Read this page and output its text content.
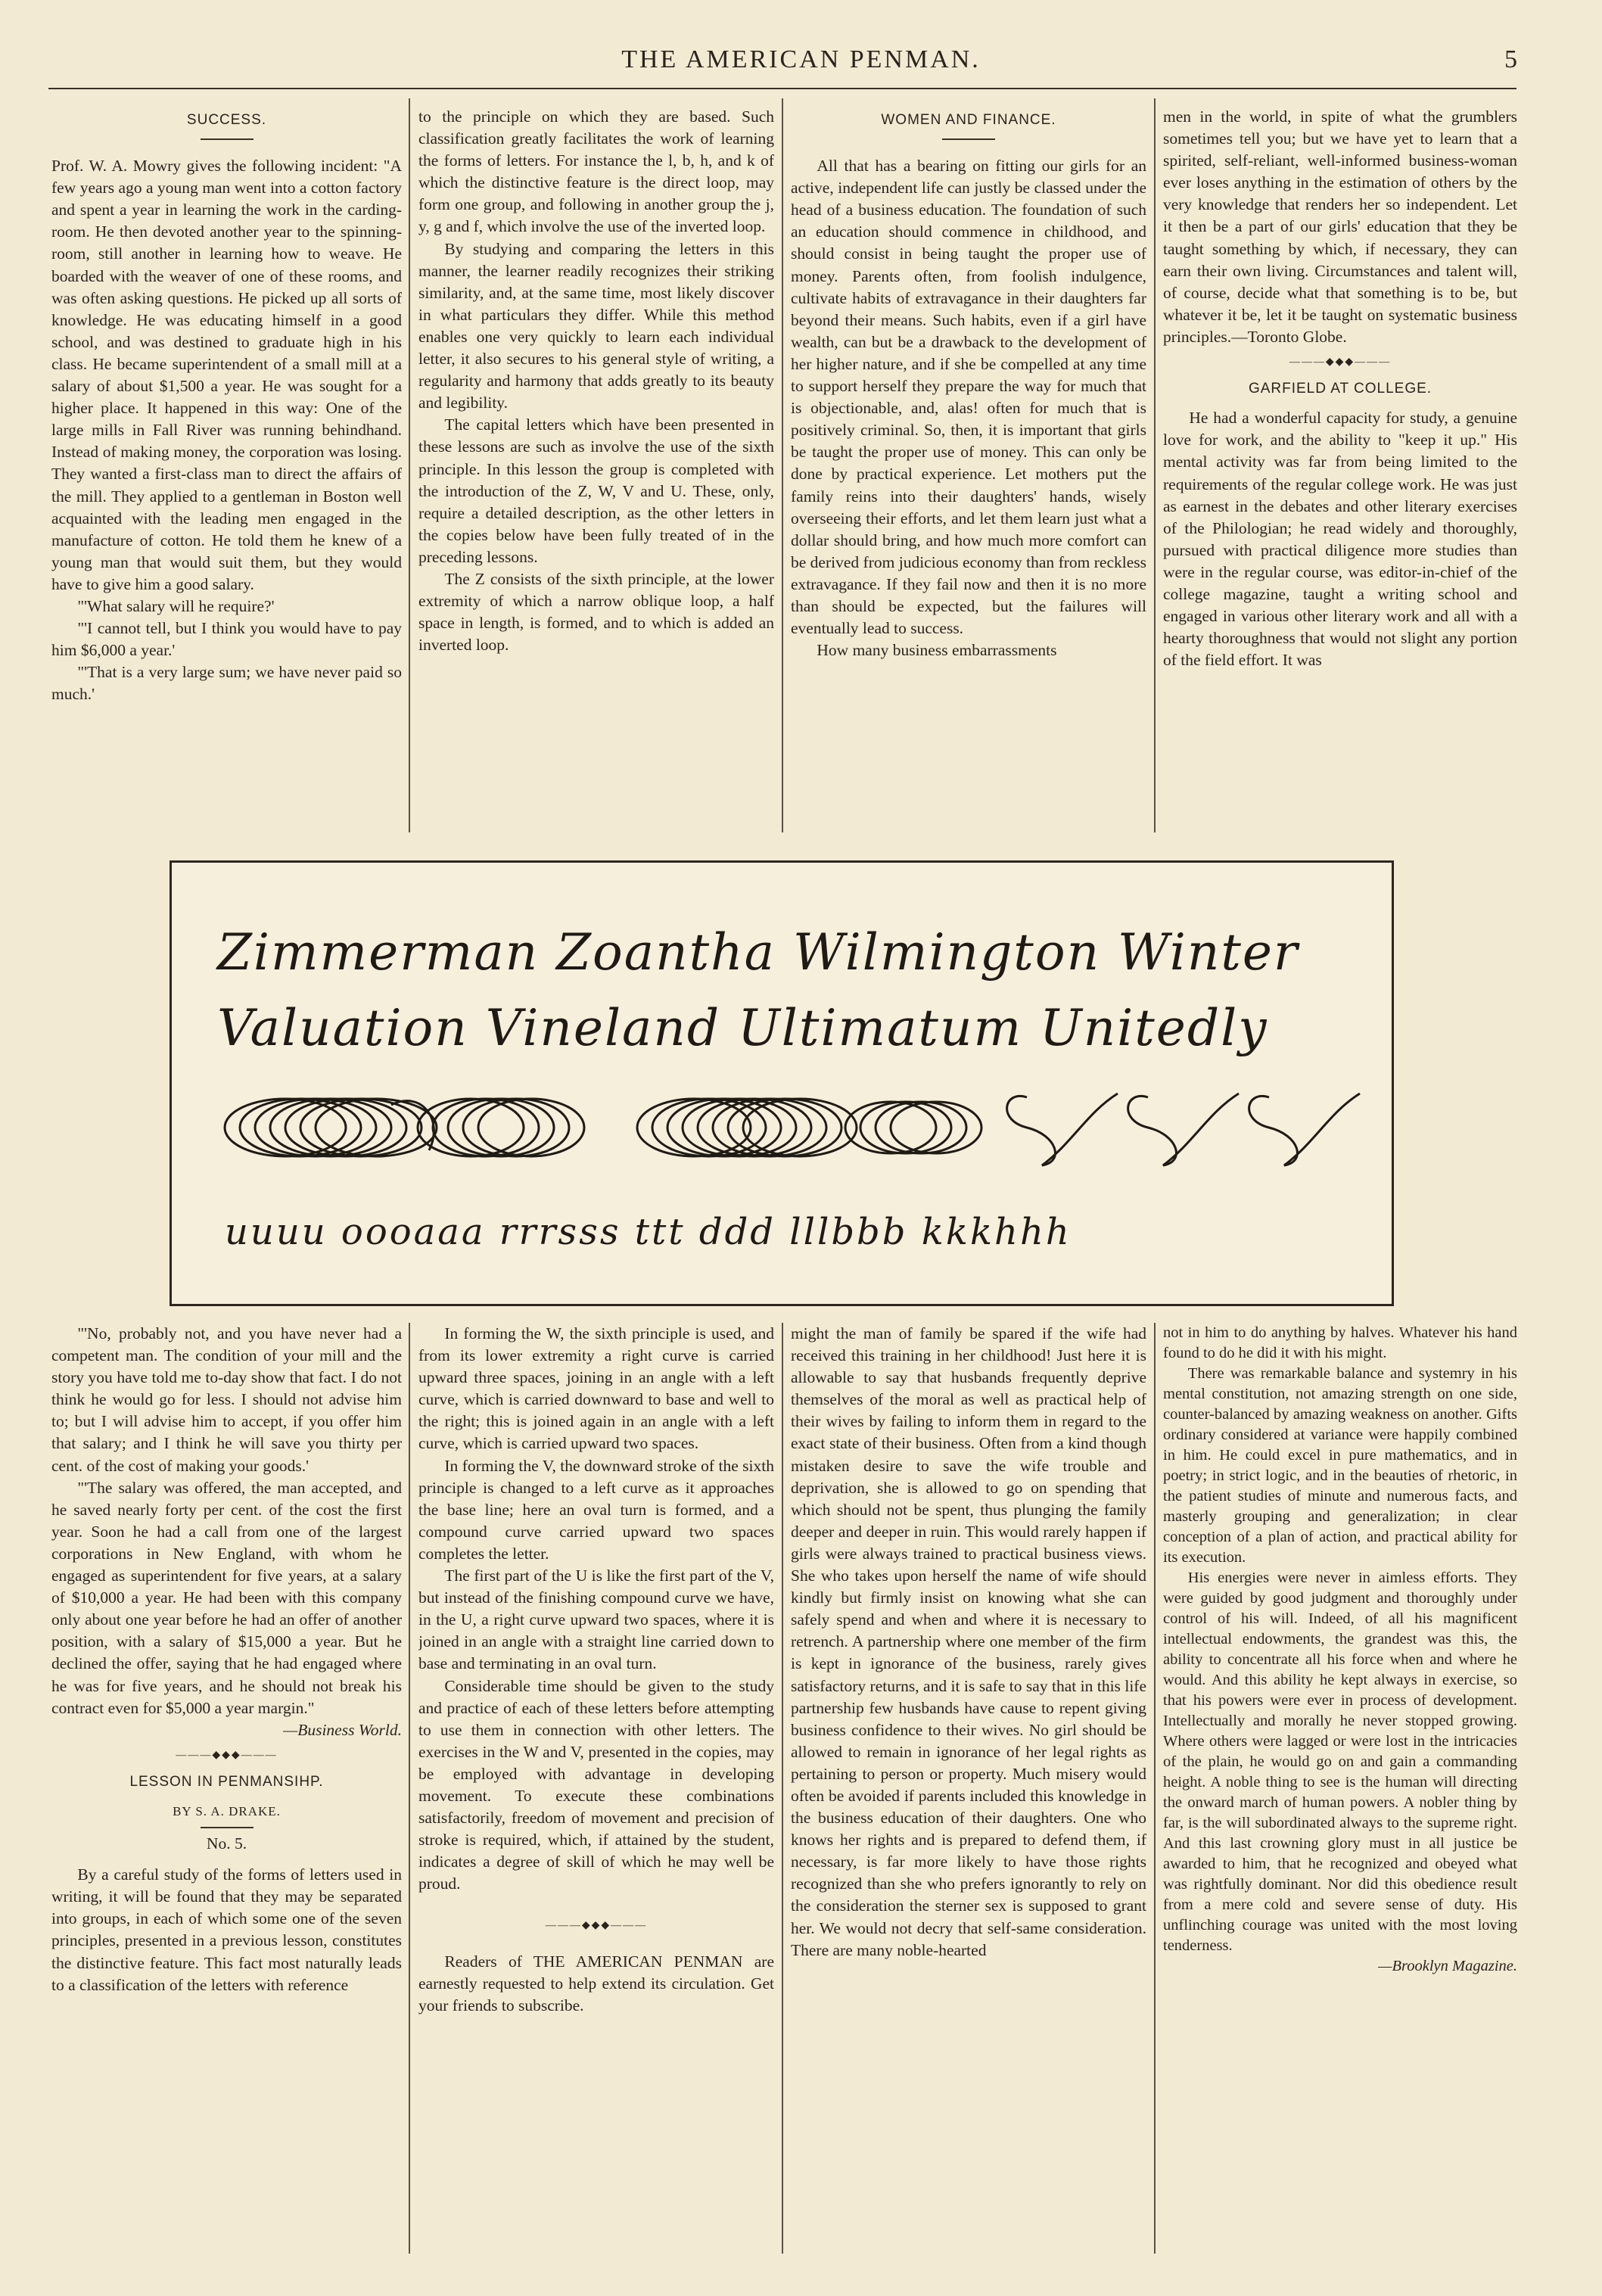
THE AMERICAN PENMAN.	5
SUCCESS.

Prof. W. A. Mowry gives the following incident: "A few years ago a young man went into a cotton factory and spent a year in learning the work in the carding-room. He then devoted another year to the spinning-room, still another in learning how to weave. He boarded with the weaver of one of these rooms, and was often asking questions. He picked up all sorts of knowledge. He was educating himself in a good school, and was destined to graduate high in his class. He became superintendent of a small mill at a salary of about $1,500 a year. He was sought for a higher place. It happened in this way: One of the large mills in Fall River was running behindhand. Instead of making money, the corporation was losing. They wanted a first-class man to direct the affairs of the mill. They applied to a gentleman in Boston well acquainted with the leading men engaged in the manufacture of cotton. He told them he knew of a young man that would suit them, but they would have to give him a good salary.

"'What salary will he require?'

"'I cannot tell, but I think you would have to pay him $6,000 a year.'

"'That is a very large sum; we have never paid so much.'

to the principle on which they are based. Such classification greatly facilitates the work of learning the forms of letters. For instance the l, b, h, and k of which the distinctive feature is the direct loop, may form one group, and following in another group the j, y, g and f, which involve the use of the inverted loop.

By studying and comparing the letters in this manner, the learner readily recognizes their striking similarity, and, at the same time, most likely discover in what particulars they differ. While this method enables one very quickly to learn each individual letter, it also secures to his general style of writing, a regularity and harmony that adds greatly to its beauty and legibility.

The capital letters which have been presented in these lessons are such as involve the use of the sixth principle. In this lesson the group is completed with the introduction of the Z, W, V and U. These, only, require a detailed description, as the other letters in the copies below have been fully treated of in the preceding lessons.

The Z consists of the sixth principle, at the lower extremity of which a narrow oblique loop, a half space in length, is formed, and to which is added an inverted loop.

WOMEN AND FINANCE.

All that has a bearing on fitting our girls for an active, independent life can justly be classed under the head of a business education. The foundation of such an education should commence in childhood, and should consist in being taught the proper use of money. Parents often, from foolish indulgence, cultivate habits of extravagance in their daughters far beyond their means. Such habits, even if a girl have wealth, can but be a drawback to the development of her higher nature, and if she be compelled at any time to support herself they prepare the way for much that is objectionable, and, alas! often for much that is positively criminal. So, then, it is important that girls be taught the proper use of money. This can only be done by practical experience. Let mothers put the family reins into their daughters' hands, wisely overseeing their efforts, and let them learn just what a dollar should bring, and how much more comfort can be derived from judicious economy than from reckless extravagance. If they fail now and then it is no more than should be expected, but the failures will eventually lead to success.

How many business embarrassments

men in the world, in spite of what the grumblers sometimes tell you; but we have yet to learn that a spirited, self-reliant, well-informed business-woman ever loses anything in the estimation of others by the very knowledge that renders her so independent. Let it then be a part of our girls' education that they be taught something by which, if necessary, they can earn their own living. Circumstances and talent will, of course, decide what that something is to be, but whatever it be, let it be taught on systematic business principles.—Toronto Globe.

———◆◆◆———
GARFIELD AT COLLEGE.

He had a wonderful capacity for study, a genuine love for work, and the ability to "keep it up." His mental activity was far from being limited to the requirements of the regular college work. He was just as earnest in the debates and other literary exercises of the Philologian; he read widely and thoroughly, pursued with practical diligence more studies than were in the regular course, was editor-in-chief of the college magazine, taught a writing school and engaged in various other literary work and all with a hearty thoroughness that would not slight any portion of the field effort. It was

Zimmerman Zoantha Wilmington Winter
Valuation Vineland Ultimatum Unitedly
uuuu oooaaa rrrsss ttt ddd lllbbb kkkhhh

"'No, probably not, and you have never had a competent man. The condition of your mill and the story you have told me to-day show that fact. I do not think he would go for less. I should not advise him to; but I will advise him to accept, if you offer him that salary; and I think he will save you thirty per cent. of the cost of making your goods.'

"'The salary was offered, the man accepted, and he saved nearly forty per cent. of the cost the first year. Soon he had a call from one of the largest corporations in New England, with whom he engaged as superintendent for five years, at a salary of $10,000 a year. He had been with this company only about one year before he had an offer of another position, with a salary of $15,000 a year. But he declined the offer, saying that he had engaged where he was for five years, and he should not break his contract even for $5,000 a year margin."

—Business World.

———◆◆◆———
LESSON IN PENMANSIHP.
BY S. A. DRAKE.
No. 5.

By a careful study of the forms of letters used in writing, it will be found that they may be separated into groups, in each of which some one of the seven principles, presented in a previous lesson, constitutes the distinctive feature. This fact most naturally leads to a classification of the letters with reference

In forming the W, the sixth principle is used, and from its lower extremity a right curve is carried upward three spaces, joining in an angle with a left curve, which is carried downward to base and well to the right; this is joined again in an angle with a left curve, which is carried upward two spaces.

In forming the V, the downward stroke of the sixth principle is changed to a left curve as it approaches the base line; here an oval turn is formed, and a compound curve carried upward two spaces completes the letter.

The first part of the U is like the first part of the V, but instead of the finishing compound curve we have, in the U, a right curve upward two spaces, where it is joined in an angle with a straight line carried down to base and terminating in an oval turn.

Considerable time should be given to the study and practice of each of these letters before attempting to use them in connection with other letters. The exercises in the W and V, presented in the copies, may be employed with advantage in developing movement. To execute these combinations satisfactorily, freedom of movement and precision of stroke is required, which, if attained by the student, indicates a degree of skill of which he may well be proud.

———◆◆◆———

Readers of THE AMERICAN PENMAN are earnestly requested to help extend its circulation. Get your friends to subscribe.

might the man of family be spared if the wife had received this training in her childhood! Just here it is allowable to say that husbands frequently deprive themselves of the moral as well as practical help of their wives by failing to inform them in regard to the exact state of their business. Often from a kind though mistaken desire to save the wife trouble and deprivation, she is allowed to go on spending that which should not be spent, thus plunging the family deeper and deeper in ruin. This would rarely happen if girls were always trained to practical business views. She who takes upon herself the name of wife should kindly but firmly insist on knowing what she can safely spend and when and where it is necessary to retrench. A partnership where one member of the firm is kept in ignorance of the business, rarely gives satisfactory returns, and it is safe to say that in this life partnership few husbands have cause to repent giving business confidence to their wives. No girl should be allowed to remain in ignorance of her legal rights as pertaining to person or property. Much misery would often be avoided if parents included this knowledge in the business education of their daughters. One who knows her rights and is prepared to defend them, if necessary, is far more likely to have those rights recognized than she who prefers ignorantly to rely on the consideration the sterner sex is supposed to grant her. We would not decry that self-same consideration. There are many noble-hearted

not in him to do anything by halves. Whatever his hand found to do he did it with his might.

There was remarkable balance and systemry in his mental constitution, not amazing strength on one side, counter-balanced by amazing weakness on another. Gifts ordinary considered at variance were happily combined in him. He could excel in pure mathematics, and in poetry; in strict logic, and in the beauties of rhetoric, in the patient studies of minute and numerous facts, and masterly grouping and generalization; in clear conception of a plan of action, and practical ability for its execution.

His energies were never in aimless efforts. They were guided by good judgment and thoroughly under control of his will. Indeed, of all his magnificent intellectual endowments, the grandest was this, the ability to concentrate all his force when and where he would. And this ability he kept always in exercise, so that his powers were ever in process of development. Intellectually and morally he never stopped growing. Where others were lagged or were lost in the intricacies of the plain, he would go on and gain a commanding height. A noble thing to see is the human will directing the onward march of human powers. A nobler thing by far, is the will subordinated always to the supreme right. And this last crowning glory must in all justice be awarded to him, that he recognized and obeyed what was rightfully dominant. Nor did this obedience result from a mere cold and severe sense of duty. His unflinching courage was united with the most loving tenderness.

—Brooklyn Magazine.
